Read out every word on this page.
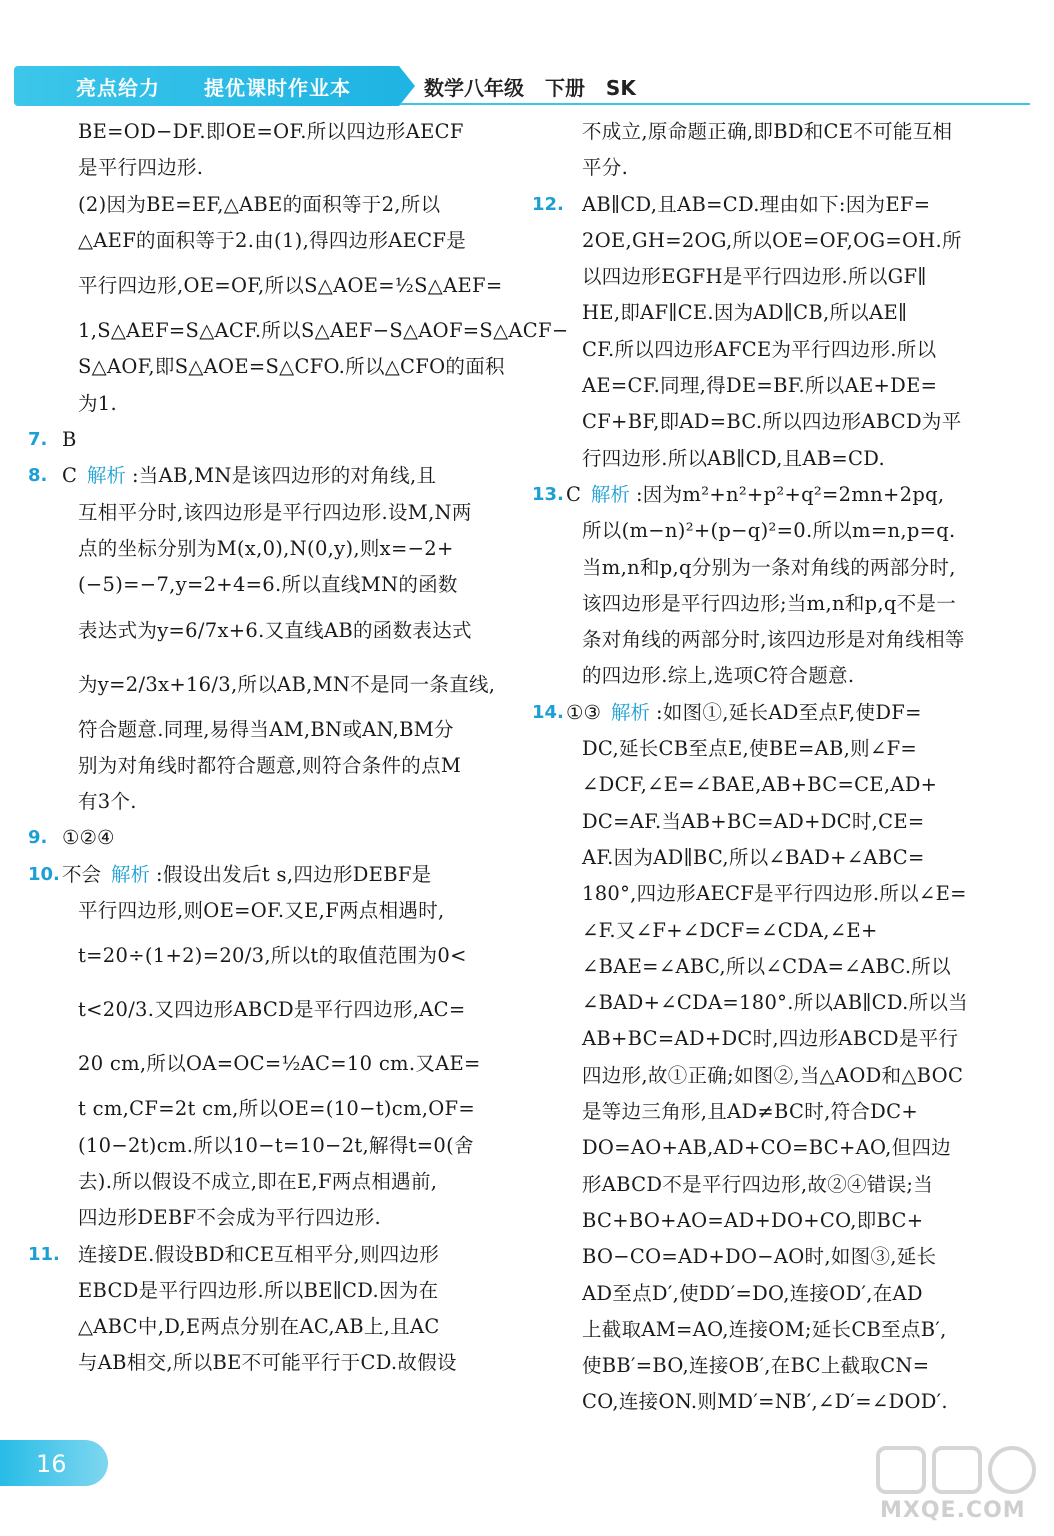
亮点给力 提优课时作业本	数学八年级 下册 SK
BE=OD−DF.即OE=OF.所以四边形AECF
是平行四边形.
(2)因为BE=EF,△ABE的面积等于2,所以
△AEF的面积等于2.由(1),得四边形AECF是
平行四边形,OE=OF,所以S△AOE=½S△AEF=
1,S△AEF=S△ACF.所以S△AEF−S△AOF=S△ACF−
S△AOF,即S△AOE=S△CFO.所以△CFO的面积
为1.
7. B
8. C 解析 :当AB,MN是该四边形的对角线,且
互相平分时,该四边形是平行四边形.设M,N两
点的坐标分别为M(x,0),N(0,y),则x=−2+
(−5)=−7,y=2+4=6.所以直线MN的函数
表达式为y=6/7x+6.又直线AB的函数表达式
为y=2/3x+16/3,所以AB,MN不是同一条直线,
符合题意.同理,易得当AM,BN或AN,BM分
别为对角线时都符合题意,则符合条件的点M
有3个.
9. ①②④
10. 不会 解析 :假设出发后t s,四边形DEBF是
平行四边形,则OE=OF.又E,F两点相遇时,
t=20÷(1+2)=20/3,所以t的取值范围为0<
t<20/3.又四边形ABCD是平行四边形,AC=
20 cm,所以OA=OC=½AC=10 cm.又AE=
t cm,CF=2t cm,所以OE=(10−t)cm,OF=
(10−2t)cm.所以10−t=10−2t,解得t=0(舍
去).所以假设不成立,即在E,F两点相遇前,
四边形DEBF不会成为平行四边形.
11. 连接DE.假设BD和CE互相平分,则四边形
EBCD是平行四边形.所以BE∥CD.因为在
△ABC中,D,E两点分别在AC,AB上,且AC
与AB相交,所以BE不可能平行于CD.故假设
不成立,原命题正确,即BD和CE不可能互相
平分.
12. AB∥CD,且AB=CD.理由如下:因为EF=
2OE,GH=2OG,所以OE=OF,OG=OH.所
以四边形EGFH是平行四边形.所以GF∥
HE,即AF∥CE.因为AD∥CB,所以AE∥
CF.所以四边形AFCE为平行四边形.所以
AE=CF.同理,得DE=BF.所以AE+DE=
CF+BF,即AD=BC.所以四边形ABCD为平
行四边形.所以AB∥CD,且AB=CD.
13. C 解析 :因为m²+n²+p²+q²=2mn+2pq,
所以(m−n)²+(p−q)²=0.所以m=n,p=q.
当m,n和p,q分别为一条对角线的两部分时,
该四边形是平行四边形;当m,n和p,q不是一
条对角线的两部分时,该四边形是对角线相等
的四边形.综上,选项C符合题意.
14. ①③ 解析 :如图①,延长AD至点F,使DF=
DC,延长CB至点E,使BE=AB,则∠F=
∠DCF,∠E=∠BAE,AB+BC=CE,AD+
DC=AF.当AB+BC=AD+DC时,CE=
AF.因为AD∥BC,所以∠BAD+∠ABC=
180°,四边形AECF是平行四边形.所以∠E=
∠F.又∠F+∠DCF=∠CDA,∠E+
∠BAE=∠ABC,所以∠CDA=∠ABC.所以
∠BAD+∠CDA=180°.所以AB∥CD.所以当
AB+BC=AD+DC时,四边形ABCD是平行
四边形,故①正确;如图②,当△AOD和△BOC
是等边三角形,且AD≠BC时,符合DC+
DO=AO+AB,AD+CO=BC+AO,但四边
形ABCD不是平行四边形,故②④错误;当
BC+BO+AO=AD+DO+CO,即BC+
BO−CO=AD+DO−AO时,如图③,延长
AD至点D′,使DD′=DO,连接OD′,在AD
上截取AM=AO,连接OM;延长CB至点B′,
使BB′=BO,连接OB′,在BC上截取CN=
CO,连接ON.则MD′=NB′,∠D′=∠DOD′.
16
MXQE.COM
